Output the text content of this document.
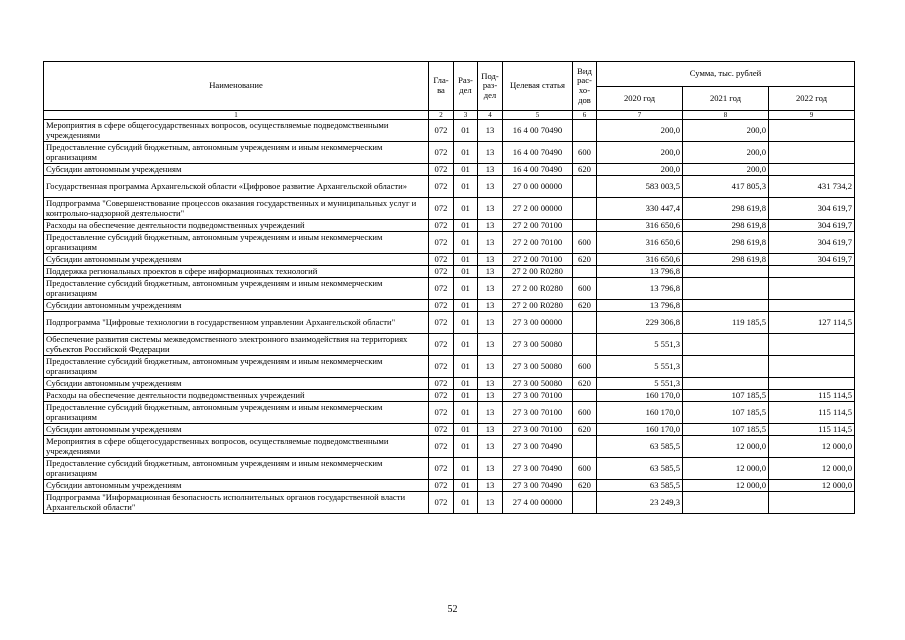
Наименование	Гла-ва	Раз-дел	Под-раз-дел	Целевая статья	Вид рас-хо-дов	Сумма, тыс. рублей		
						2020 год	2021 год	2022 год
1	2	3	4	5	6	7	8	9
Мероприятия в сфере общегосударственных вопросов, осуществляемые подведомственными учреждениями	072	01	13	16 4 00 70490		200,0	200,0	
Предоставление субсидий бюджетным, автономным учреждениям и иным некоммерческим организациям	072	01	13	16 4 00 70490	600	200,0	200,0	
Субсидии автономным учреждениям	072	01	13	16 4 00 70490	620	200,0	200,0	
Государственная программа Архангельской области «Цифровое развитие Архангельской области»	072	01	13	27 0 00 00000		583 003,5	417 805,3	431 734,2
Подпрограмма "Совершенствование процессов оказания государственных и муниципальных услуг и контрольно-надзорной деятельности"	072	01	13	27 2 00 00000		330 447,4	298 619,8	304 619,7
Расходы на обеспечение деятельности подведомственных учреждений	072	01	13	27 2 00 70100		316 650,6	298 619,8	304 619,7
Предоставление субсидий бюджетным, автономным учреждениям и иным некоммерческим организациям	072	01	13	27 2 00 70100	600	316 650,6	298 619,8	304 619,7
Субсидии автономным учреждениям	072	01	13	27 2 00 70100	620	316 650,6	298 619,8	304 619,7
Поддержка региональных проектов в сфере информационных технологий	072	01	13	27 2 00 R0280		13 796,8		
Предоставление субсидий бюджетным, автономным учреждениям и иным некоммерческим организациям	072	01	13	27 2 00 R0280	600	13 796,8		
Субсидии автономным учреждениям	072	01	13	27 2 00 R0280	620	13 796,8		
Подпрограмма "Цифровые технологии в государственном управлении Архангельской области"	072	01	13	27 3 00 00000		229 306,8	119 185,5	127 114,5
Обеспечение развития системы межведомственного электронного взаимодействия на территориях субъектов Российской Федерации	072	01	13	27 3 00 50080		5 551,3		
Предоставление субсидий бюджетным, автономным учреждениям и иным некоммерческим организациям	072	01	13	27 3 00 50080	600	5 551,3		
Субсидии автономным учреждениям	072	01	13	27 3 00 50080	620	5 551,3		
Расходы на обеспечение деятельности подведомственных учреждений	072	01	13	27 3 00 70100		160 170,0	107 185,5	115 114,5
Предоставление субсидий бюджетным, автономным учреждениям и иным некоммерческим организациям	072	01	13	27 3 00 70100	600	160 170,0	107 185,5	115 114,5
Субсидии автономным учреждениям	072	01	13	27 3 00 70100	620	160 170,0	107 185,5	115 114,5
Мероприятия в сфере общегосударственных вопросов, осуществляемые подведомственными учреждениями	072	01	13	27 3 00 70490		63 585,5	12 000,0	12 000,0
Предоставление субсидий бюджетным, автономным учреждениям и иным некоммерческим организациям	072	01	13	27 3 00 70490	600	63 585,5	12 000,0	12 000,0
Субсидии автономным учреждениям	072	01	13	27 3 00 70490	620	63 585,5	12 000,0	12 000,0
Подпрограмма "Информационная безопасность исполнительных органов государственной власти Архангельской области"	072	01	13	27 4 00 00000		23 249,3		
52
